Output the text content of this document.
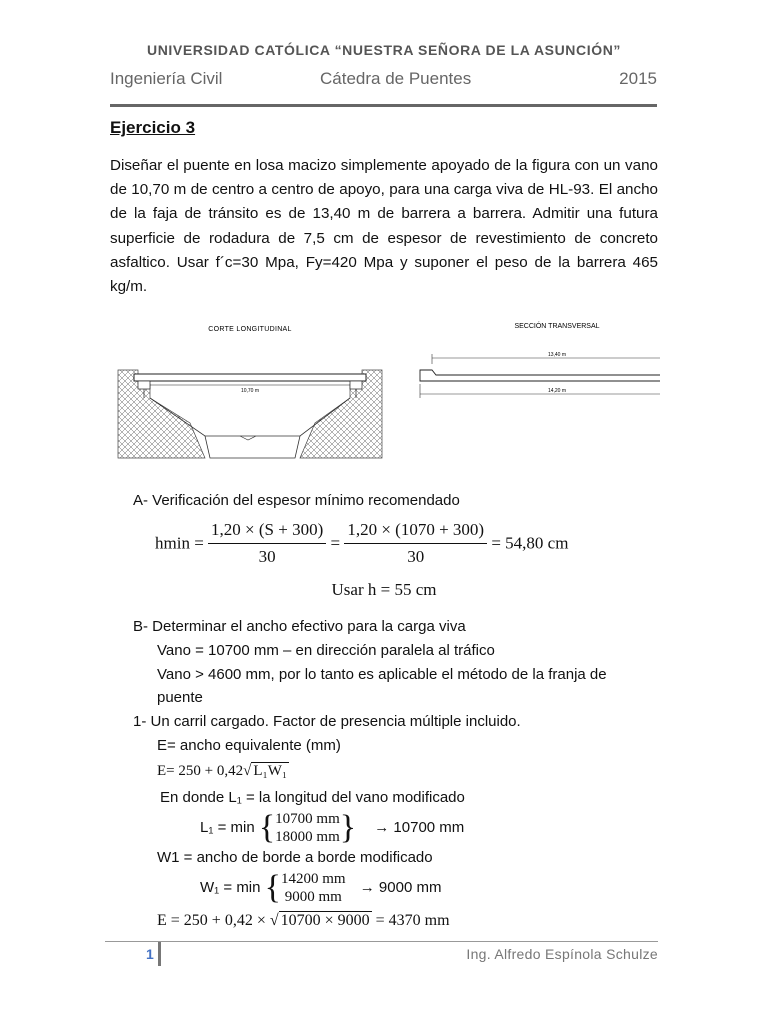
UNIVERSIDAD CATÓLICA “NUESTRA SEÑORA DE LA ASUNCIÓN”
Ingeniería Civil	Cátedra de Puentes	2015
Ejercicio 3
Diseñar el puente en losa macizo simplemente apoyado de la figura con un vano de 10,70 m de centro a centro de apoyo, para una carga viva de HL-93. El ancho de la faja de tránsito es de 13,40 m de barrera a barrera. Admitir una futura superficie de rodadura de 7,5 cm de espesor de revestimiento de concreto asfaltico. Usar f´c=30 Mpa, Fy=420 Mpa y suponer el peso de la barrera 465 kg/m.
CORTE LONGITUDINAL
10,70 m
SECCIÓN TRANSVERSAL
13,40 m
14,20 m
A- Verificación del espesor mínimo recomendado
$hmin = \frac{1,20 \times (S + 300)}{30} = \frac{1,20 \times (1070 + 300)}{30} = 54,80$ cm
Usar h = 55 cm
B- Determinar el ancho efectivo para la carga viva
Vano = 10700 mm – en dirección paralela al tráfico
Vano > 4600 mm, por lo tanto es aplicable el método de la franja de
puente
1- Un carril cargado. Factor de presencia múltiple incluido.
E= ancho equivalente (mm)
E= 250 + 0,42√ L₁W₁
En donde L₁ = la longitud del vano modificado
L₁ = min { 10700 mm
18000 mm } → 10700 mm
W1 = ancho de borde a borde modificado
W₁ = min { 14200 mm
9000 mm
→ 9000 mm
E = 250 + 0,42 × √ 10700 × 9000 = 4370 mm
1	Ing. Alfredo Espínola Schulze
